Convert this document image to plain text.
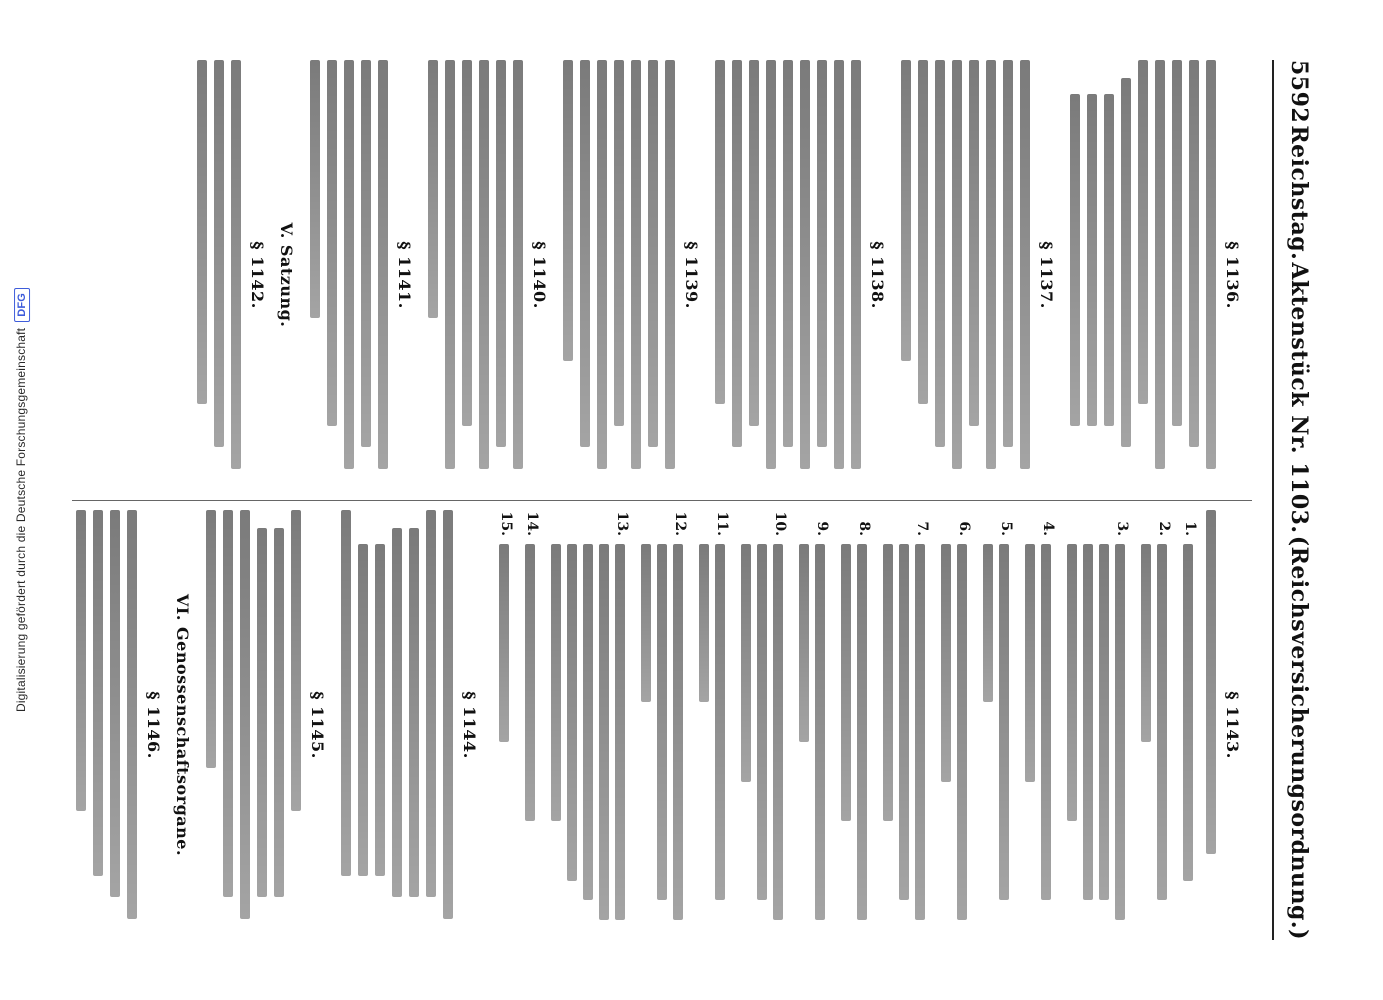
Digitalisierung gefördert durch die Deutsche ForschungsgemeinschaftDFG
5592
Reichstag.
Aktenstück Nr. 1103.
(Reichsversicherungsordnung.)
§ 1136.
§ 1137.
§ 1138.
§ 1139.
§ 1140.
§ 1141.
V. Satzung.
§ 1142.
§ 1143.
1.
2.
3.
4.
5.
6.
7.
8.
9.
10.
11.
12.
13.
14.
15.
§ 1144.
§ 1145.
VI. Genossenschaftsorgane.
§ 1146.
